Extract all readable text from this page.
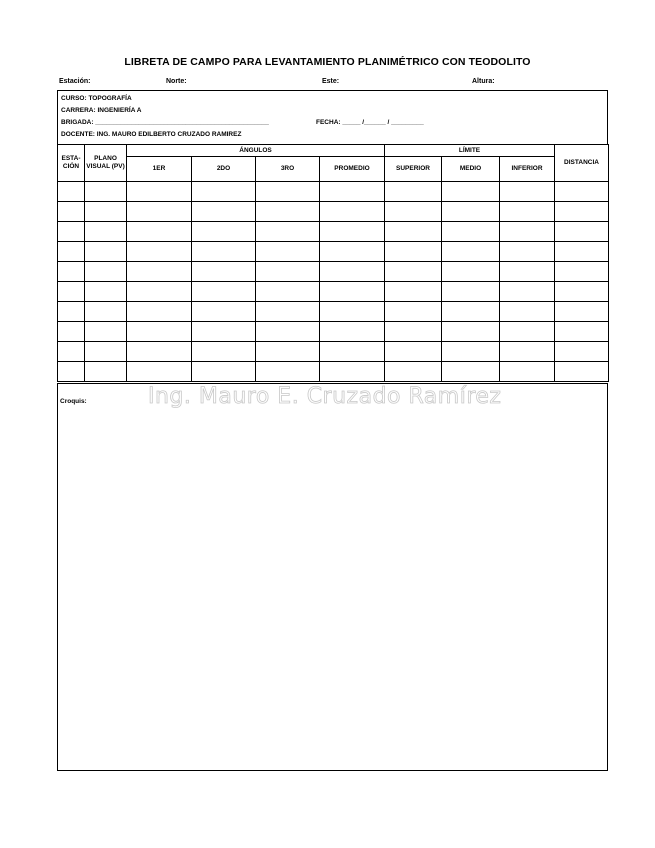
LIBRETA DE CAMPO PARA LEVANTAMIENTO PLANIMÉTRICO CON TEODOLITO
Estación:	Norte:	Este:	Altura:
CURSO: TOPOGRAFÍA
CARRERA: INGENIERÍA A
BRIGADA: ________________________________________________	FECHA: _____ /______ / _________
DOCENTE: ING. MAURO EDILBERTO CRUZADO RAMIREZ
ESTA-CIÓN	PLANO VISUAL (PV)	ÁNGULOS				LÍMITE			DISTANCIA
		1ER	2DO	3RO	PROMEDIO	SUPERIOR	MEDIO	INFERIOR	

Croquis:	Ing. Mauro E. Cruzado Ramírez
